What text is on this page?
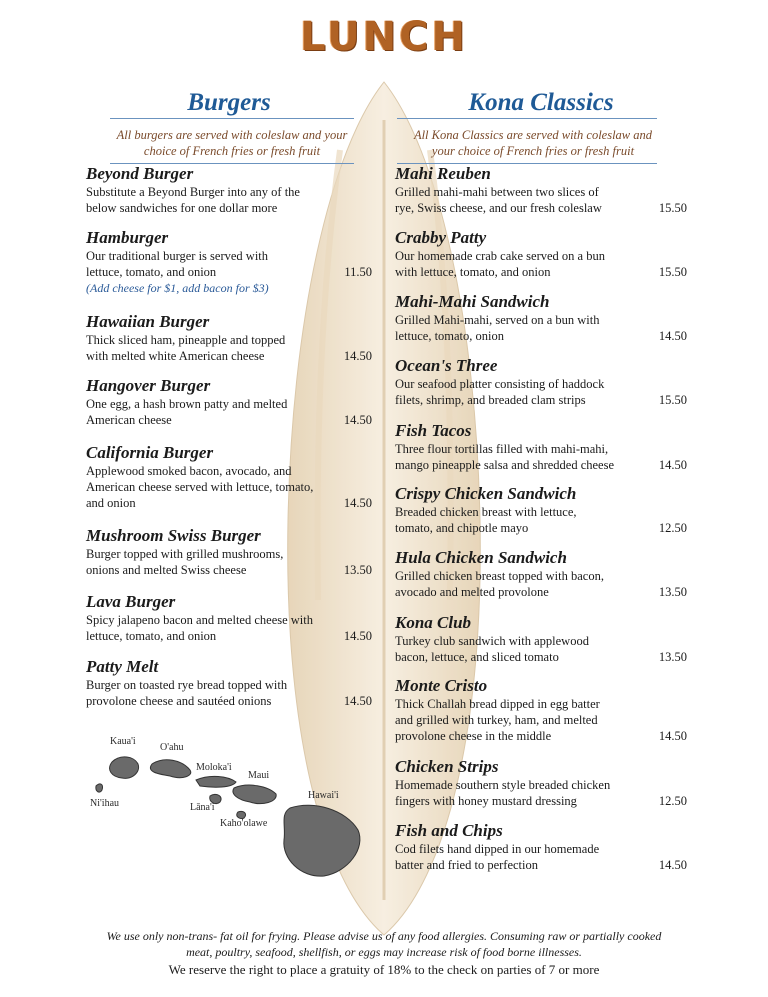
LUNCH
Burgers
All burgers are served with coleslaw and your choice of French fries or fresh fruit
Beyond Burger
Substitute a Beyond Burger into any of the
below sandwiches for one dollar more
Hamburger
Our traditional burger is served with
lettuce, tomato, and onion	11.50
(Add cheese for $1, add bacon for $3)
Hawaiian Burger
Thick sliced ham, pineapple and topped
with melted white American cheese	14.50
Hangover Burger
One egg, a hash brown patty and melted
American cheese	14.50
California Burger
Applewood smoked bacon, avocado, and
American cheese served with lettuce, tomato,
and onion	14.50
Mushroom Swiss Burger
Burger topped with grilled mushrooms,
onions and melted Swiss cheese	13.50
Lava Burger
Spicy jalapeno bacon and melted cheese with
lettuce, tomato, and onion	14.50
Patty Melt
Burger on toasted rye bread topped with
provolone cheese and sautéed onions	14.50
Kona Classics
All Kona Classics are served with coleslaw and your choice of French fries or fresh fruit
Mahi Reuben
Grilled mahi-mahi between two slices of
rye, Swiss cheese, and our fresh coleslaw	15.50
Crabby Patty
Our homemade crab cake served on a bun
with lettuce, tomato, and onion	15.50
Mahi-Mahi Sandwich
Grilled Mahi-mahi, served on a bun with
lettuce, tomato, onion	14.50
Ocean's Three
Our seafood platter consisting of haddock
filets, shrimp, and breaded clam strips	15.50
Fish Tacos
Three flour tortillas filled with mahi-mahi,
mango pineapple salsa and shredded cheese	14.50
Crispy Chicken Sandwich
Breaded chicken breast with lettuce,
tomato, and chipotle mayo	12.50
Hula Chicken Sandwich
Grilled chicken breast topped with bacon,
avocado and melted provolone	13.50
Kona Club
Turkey club sandwich with applewood
bacon, lettuce, and sliced tomato	13.50
Monte Cristo
Thick Challah bread dipped in egg batter
and grilled with turkey, ham, and melted
provolone cheese in the middle	14.50
Chicken Strips
Homemade southern style breaded chicken
fingers with honey mustard dressing	12.50
Fish and Chips
Cod filets hand dipped in our homemade
batter and fried to perfection	14.50
Kaua'i
O'ahu
Moloka'i
Maui
Ni'ihau	Lāna'i
Kaho'olawe
Hawai'i
We use only non-trans- fat oil for frying. Please advise us of any food allergies. Consuming raw or partially cooked meat, poultry, seafood, shellfish, or eggs may increase risk of food borne illnesses.
We reserve the right to place a gratuity of 18% to the check on parties of 7 or more
